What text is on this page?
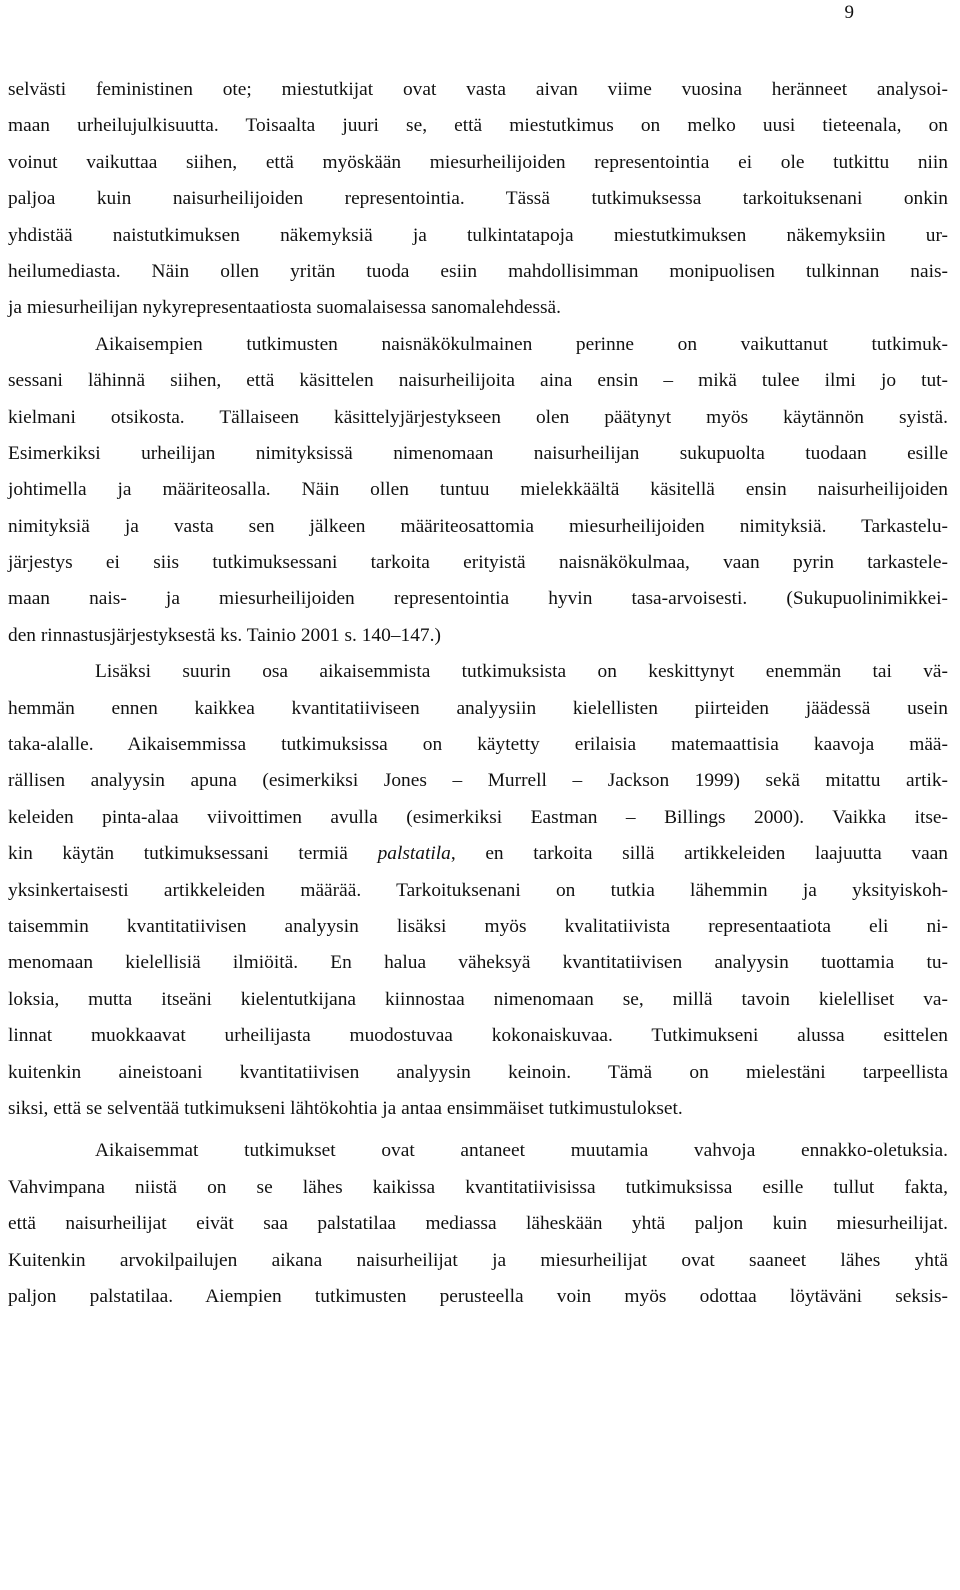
9
selvästi feministinen ote; miestutkijat ovat vasta aivan viime vuosina heränneet analysoi-
maan urheilujulkisuutta. Toisaalta juuri se, että miestutkimus on melko uusi tieteenala, on
voinut vaikuttaa siihen, että myöskään miesurheilijoiden representointia ei ole tutkittu niin
paljoa kuin naisurheilijoiden representointia. Tässä tutkimuksessa tarkoituksenani onkin
yhdistää naistutkimuksen näkemyksiä ja tulkintatapoja miestutkimuksen näkemyksiin ur-
heilumediasta. Näin ollen yritän tuoda esiin mahdollisimman monipuolisen tulkinnan nais-
ja miesurheilijan nykyrepresentaatiosta suomalaisessa sanomalehdessä.
Aikaisempien tutkimusten naisnäkökulmainen perinne on vaikuttanut tutkimuk-
sessani lähinnä siihen, että käsittelen naisurheilijoita aina ensin – mikä tulee ilmi jo tut-
kielmani otsikosta. Tällaiseen käsittelyjärjestykseen olen päätynyt myös käytännön syistä.
Esimerkiksi urheilijan nimityksissä nimenomaan naisurheilijan sukupuolta tuodaan esille
johtimella ja määriteosalla. Näin ollen tuntuu mielekkäältä käsitellä ensin naisurheilijoiden
nimityksiä ja vasta sen jälkeen määriteosattomia miesurheilijoiden nimityksiä. Tarkastelu-
järjestys ei siis tutkimuksessani tarkoita erityistä naisnäkökulmaa, vaan pyrin tarkastele-
maan nais- ja miesurheilijoiden representointia hyvin tasa-arvoisesti. (Sukupuolinimikkei-
den rinnastusjärjestyksestä ks. Tainio 2001 s. 140–147.)
Lisäksi suurin osa aikaisemmista tutkimuksista on keskittynyt enemmän tai vä-
hemmän ennen kaikkea kvantitatiiviseen analyysiin kielellisten piirteiden jäädessä usein
taka-alalle. Aikaisemmissa tutkimuksissa on käytetty erilaisia matemaattisia kaavoja mää-
rällisen analyysin apuna (esimerkiksi Jones – Murrell – Jackson 1999) sekä mitattu artik-
keleiden pinta-alaa viivoittimen avulla (esimerkiksi Eastman – Billings 2000). Vaikka itse-
kin käytän tutkimuksessani termiä palstatila, en tarkoita sillä artikkeleiden laajuutta vaan
yksinkertaisesti artikkeleiden määrää. Tarkoituksenani on tutkia lähemmin ja yksityiskoh-
taisemmin kvantitatiivisen analyysin lisäksi myös kvalitatiivista representaatiota eli ni-
menomaan kielellisiä ilmiöitä. En halua väheksyä kvantitatiivisen analyysin tuottamia tu-
loksia, mutta itseäni kielentutkijana kiinnostaa nimenomaan se, millä tavoin kielelliset va-
linnat muokkaavat urheilijasta muodostuvaa kokonaiskuvaa. Tutkimukseni alussa esittelen
kuitenkin aineistoani kvantitatiivisen analyysin keinoin. Tämä on mielestäni tarpeellista
siksi, että se selventää tutkimukseni lähtökohtia ja antaa ensimmäiset tutkimustulokset.
Aikaisemmat tutkimukset ovat antaneet muutamia vahvoja ennakko-oletuksia.
Vahvimpana niistä on se lähes kaikissa kvantitatiivisissa tutkimuksissa esille tullut fakta,
että naisurheilijat eivät saa palstatilaa mediassa läheskään yhtä paljon kuin miesurheilijat.
Kuitenkin arvokilpailujen aikana naisurheilijat ja miesurheilijat ovat saaneet lähes yhtä
paljon palstatilaa. Aiempien tutkimusten perusteella voin myös odottaa löytäväni seksis-
